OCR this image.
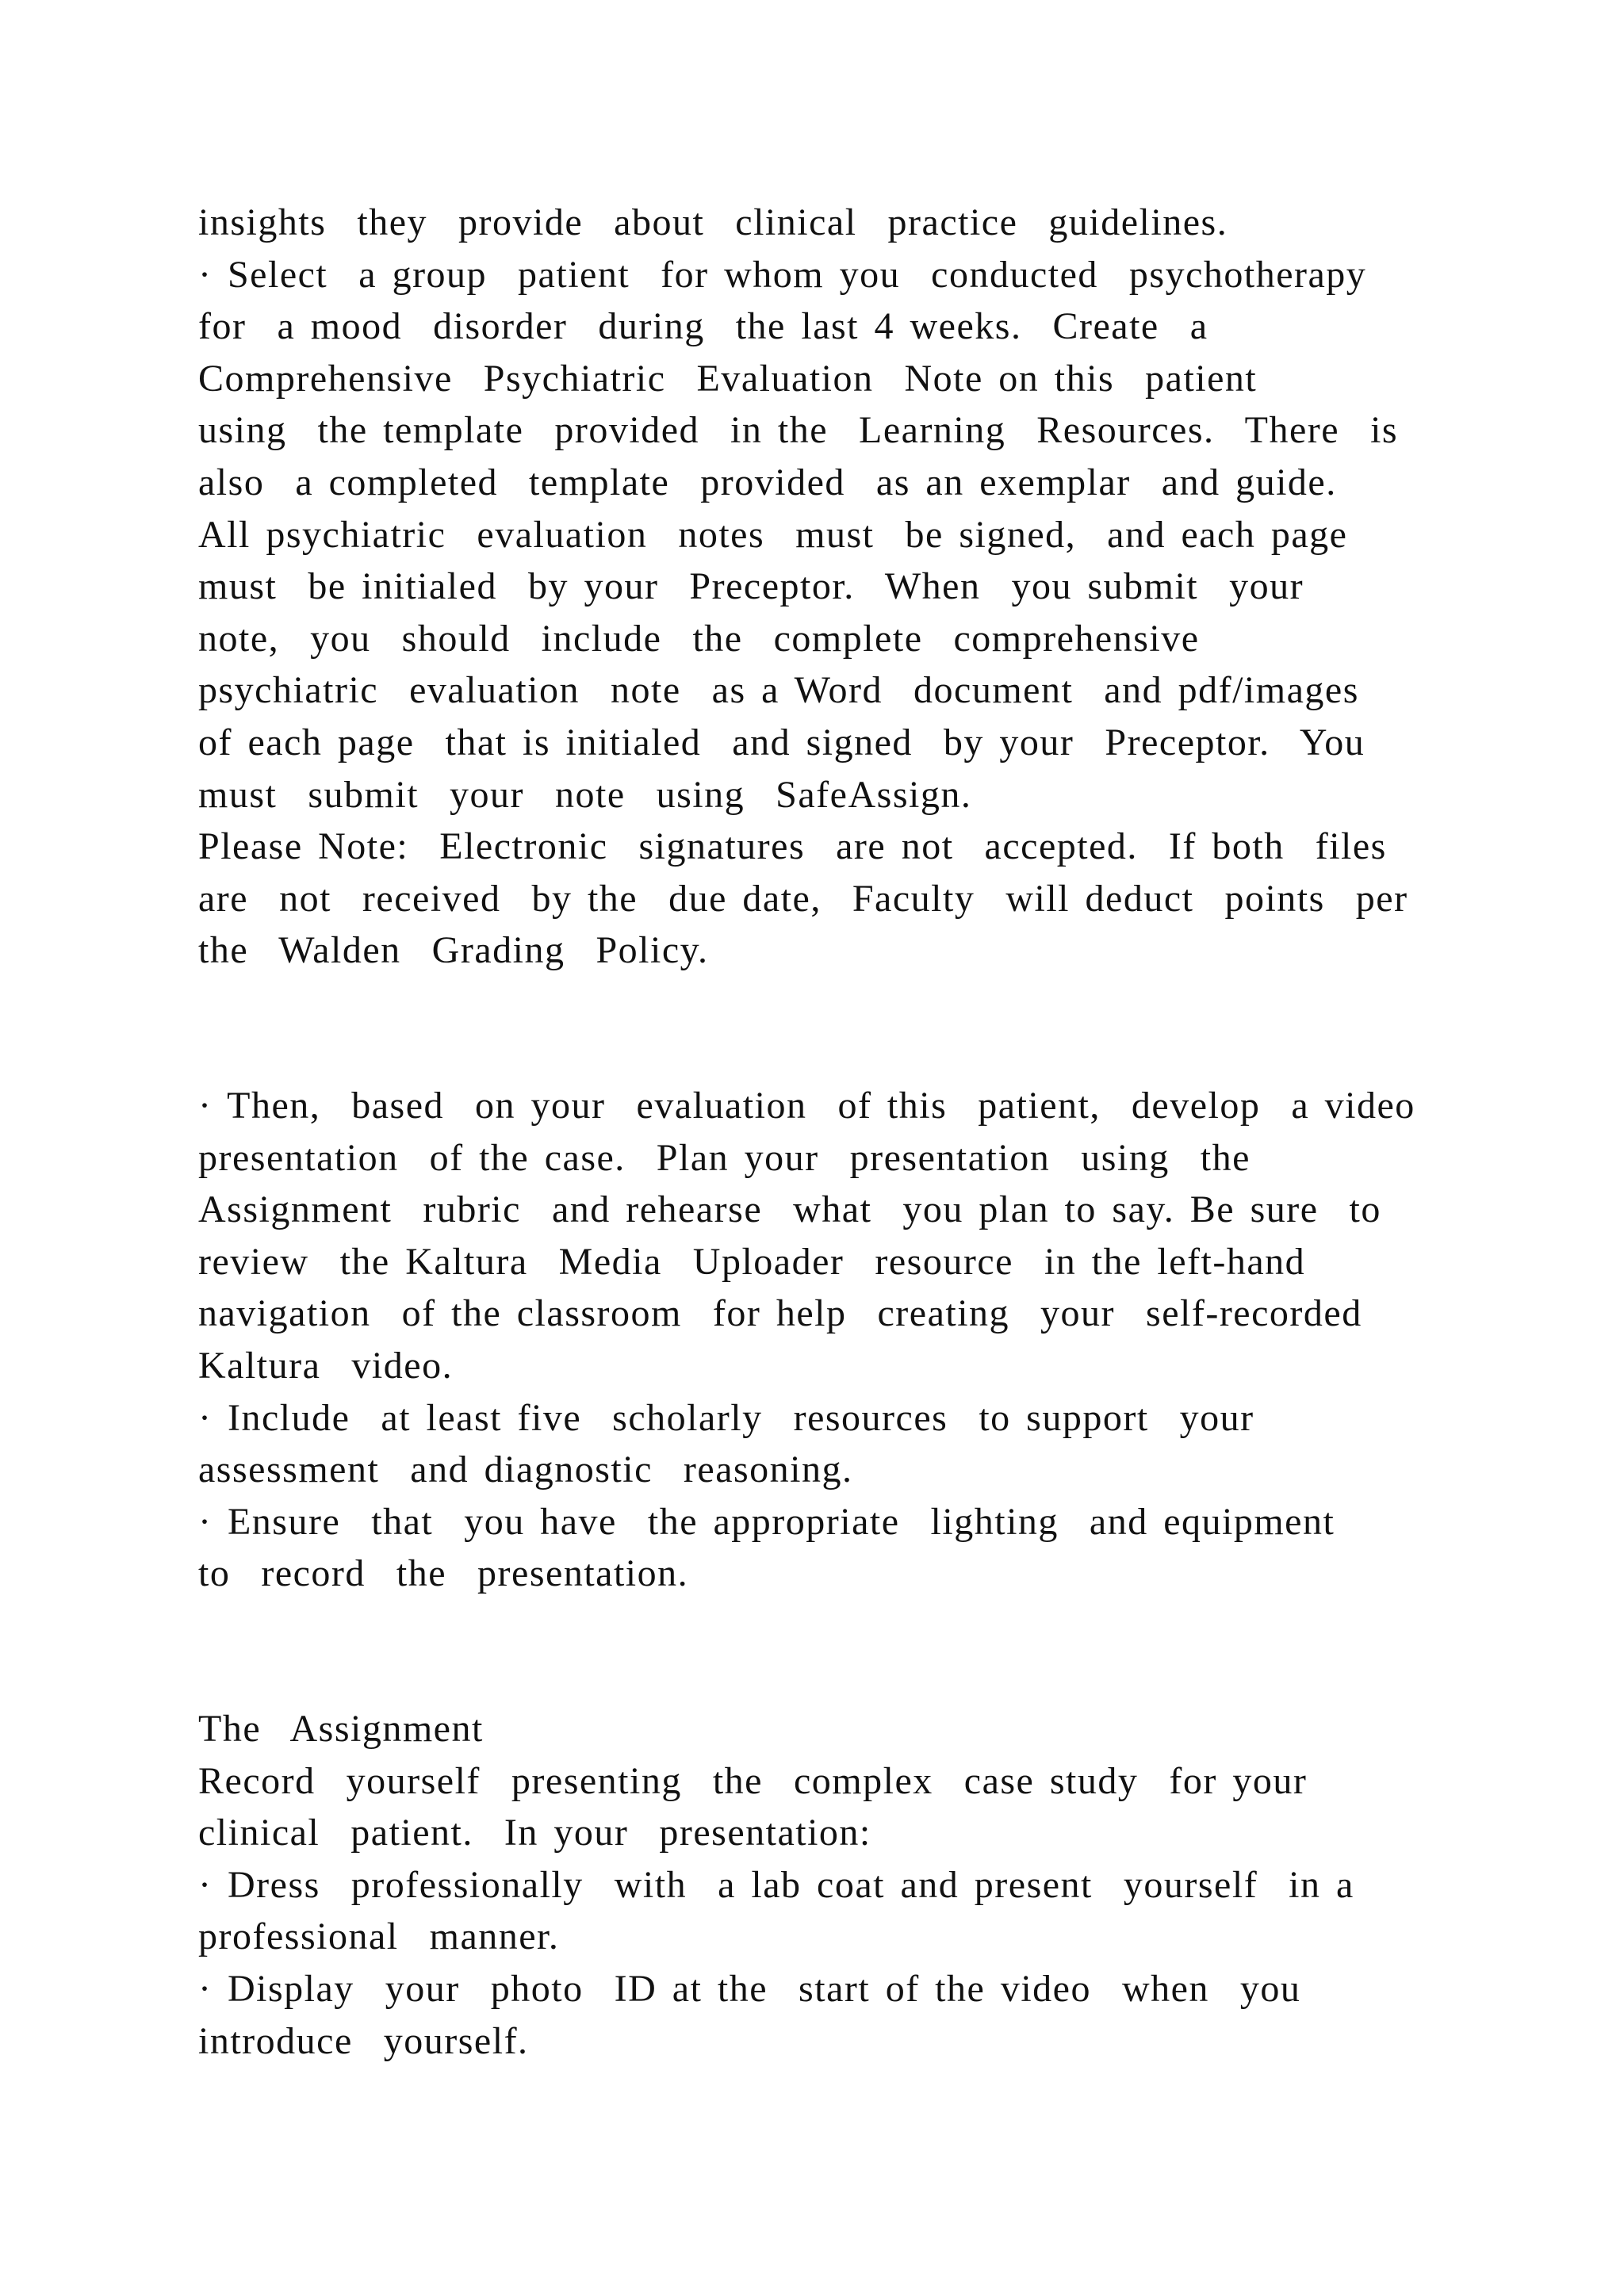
insights  they  provide  about  clinical  practice  guidelines.
· Select  a group  patient  for whom you  conducted  psychotherapy
for  a mood  disorder  during  the last 4 weeks.  Create  a
Comprehensive  Psychiatric  Evaluation  Note on this  patient
using  the template  provided  in the  Learning  Resources.  There  is
also  a completed  template  provided  as an exemplar  and guide.
All psychiatric  evaluation  notes  must  be signed,  and each page
must  be initialed  by your  Preceptor.  When  you submit  your
note,  you  should  include  the  complete  comprehensive
psychiatric  evaluation  note  as a Word  document  and pdf/images
of each page  that is initialed  and signed  by your  Preceptor.  You
must  submit  your  note  using  SafeAssign.
Please Note:  Electronic  signatures  are not  accepted.  If both  files
are  not  received  by the  due date,  Faculty  will deduct  points  per
the  Walden  Grading  Policy.
· Then,  based  on your  evaluation  of this  patient,  develop  a video
presentation  of the case.  Plan your  presentation  using  the
Assignment  rubric  and rehearse  what  you plan to say. Be sure  to
review  the Kaltura  Media  Uploader  resource  in the left-hand
navigation  of the classroom  for help  creating  your  self-recorded
Kaltura  video.
· Include  at least five  scholarly  resources  to support  your
assessment  and diagnostic  reasoning.
· Ensure  that  you have  the appropriate  lighting  and equipment
to  record  the  presentation.
The  Assignment
Record  yourself  presenting  the  complex  case study  for your
clinical  patient.  In your  presentation:
· Dress  professionally  with  a lab coat and present  yourself  in a
professional  manner.
· Display  your  photo  ID at the  start of the video  when  you
introduce  yourself.
